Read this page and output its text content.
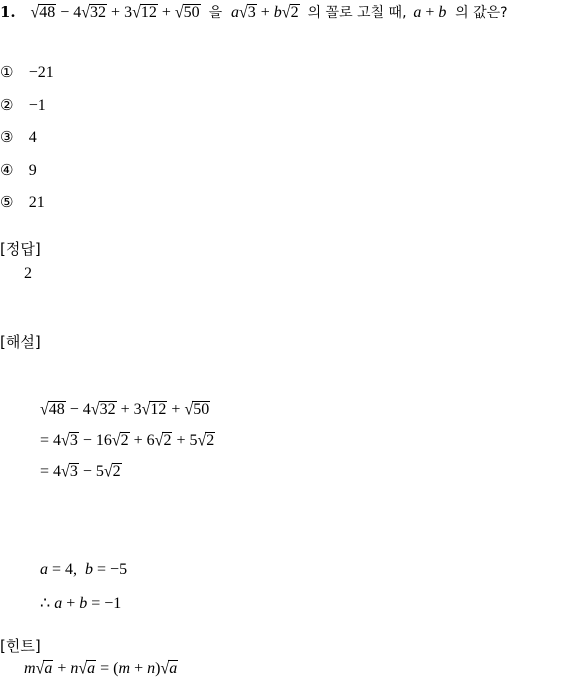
1. √48 − 4√32 + 3√12 + √50 을 a√3 + b√2 의 꼴로 고칠 때, a + b 의 값은?
① −21
② −1
③ 4
④ 9
⑤ 21
[정답]
2
[해설]
√48 − 4√32 + 3√12 + √50
= 4√3 − 16√2 + 6√2 + 5√2
= 4√3 − 5√2
a = 4,  b = −5
∴ a + b = −1
[힌트]
m√a + n√a = (m + n)√a
